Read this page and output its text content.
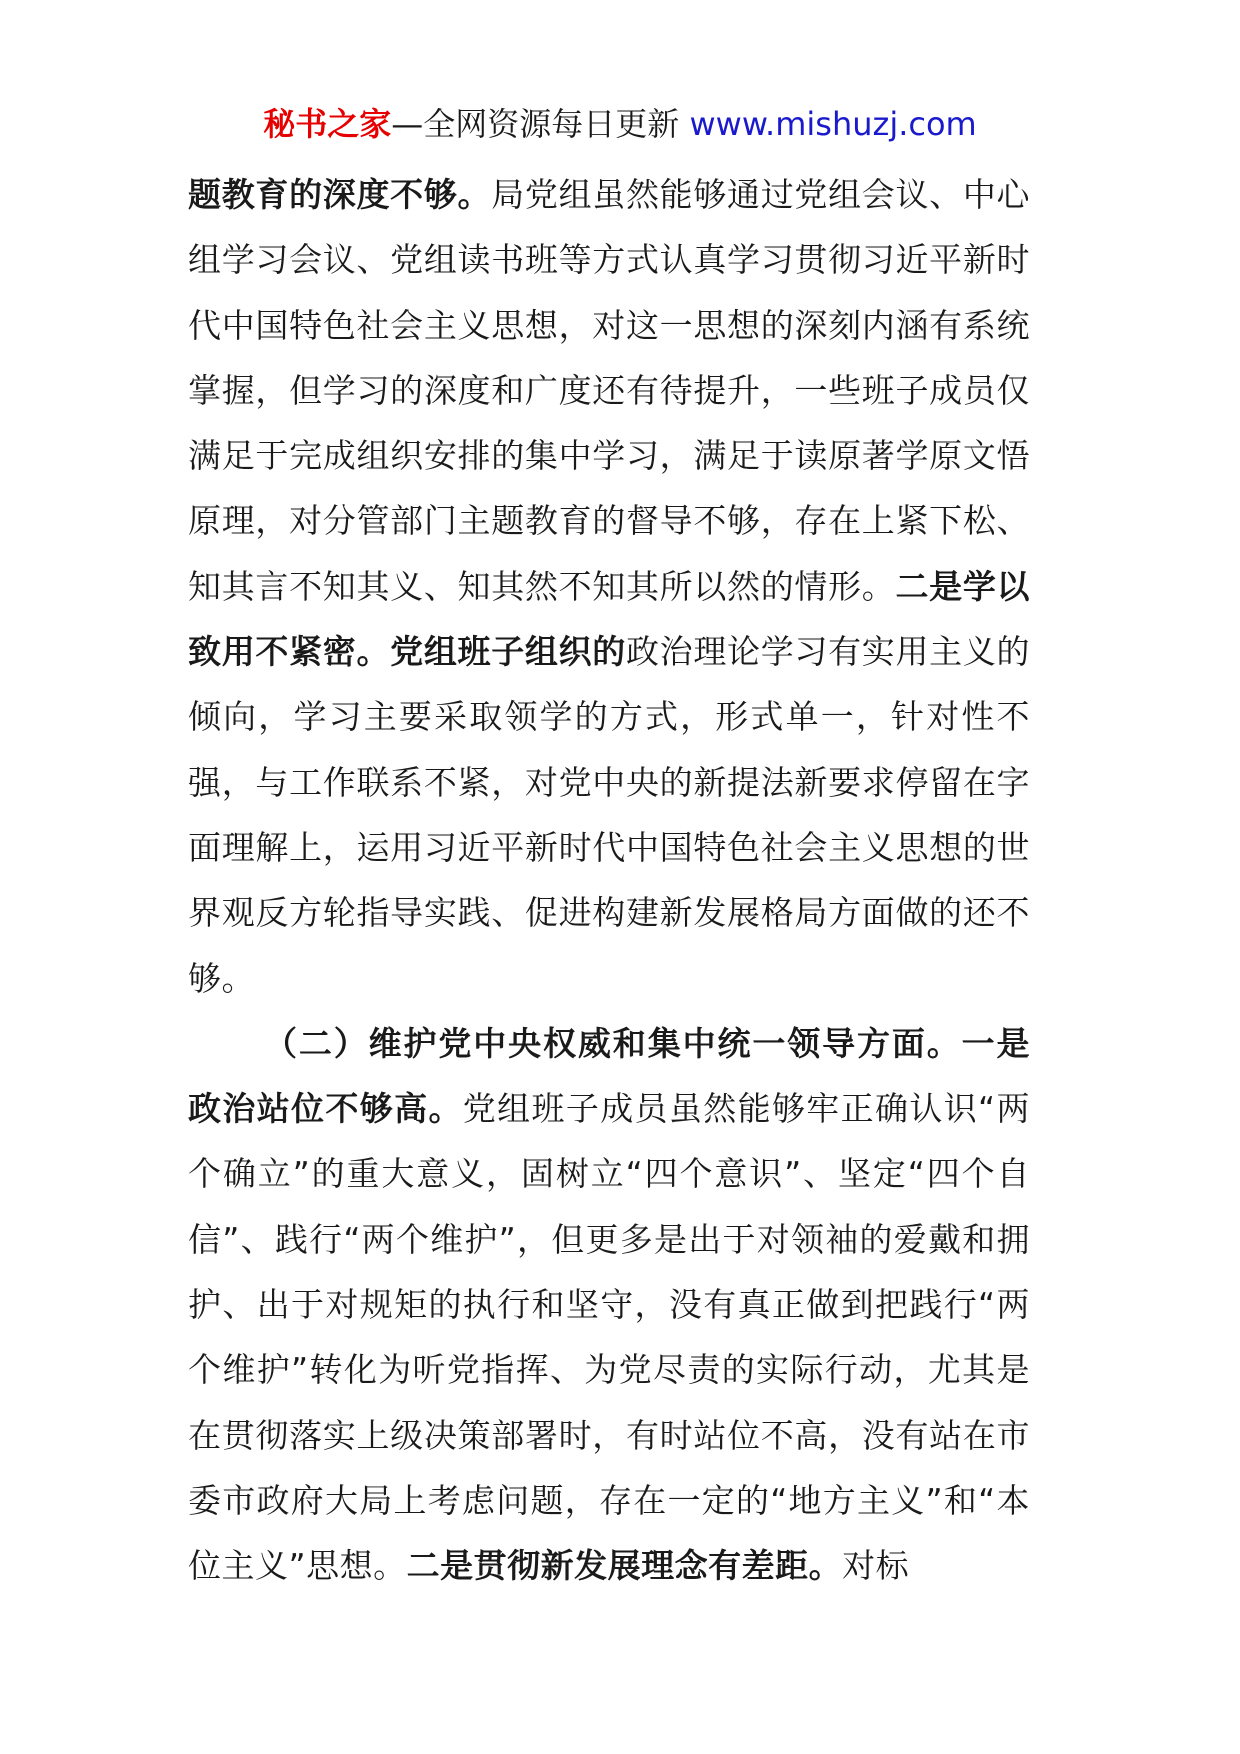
秘书之家—全网资源每日更新 www.mishuzj.com

题教育的深度不够。局党组虽然能够通过党组会议、中心组学习会议、党组读书班等方式认真学习贯彻习近平新时代中国特色社会主义思想，对这一思想的深刻内涵有系统掌握，但学习的深度和广度还有待提升，一些班子成员仅满足于完成组织安排的集中学习，满足于读原著学原文悟原理，对分管部门主题教育的督导不够，存在上紧下松、知其言不知其义、知其然不知其所以然的情形。二是学以致用不紧密。党组班子组织的政治理论学习有实用主义的倾向，学习主要采取领学的方式，形式单一，针对性不强，与工作联系不紧，对党中央的新提法新要求停留在字面理解上，运用习近平新时代中国特色社会主义思想的世界观反方轮指导实践、促进构建新发展格局方面做的还不够。

（二）维护党中央权威和集中统一领导方面。一是政治站位不够高。党组班子成员虽然能够牢正确认识“两个确立”的重大意义，固树立“四个意识”、坚定“四个自信”、践行“两个维护”，但更多是出于对领袖的爱戴和拥护、出于对规矩的执行和坚守，没有真正做到把践行“两个维护”转化为听党指挥、为党尽责的实际行动，尤其是在贯彻落实上级决策部署时，有时站位不高，没有站在市委市政府大局上考虑问题，存在一定的“地方主义”和“本位主义”思想。二是贯彻新发展理念有差距。对标
